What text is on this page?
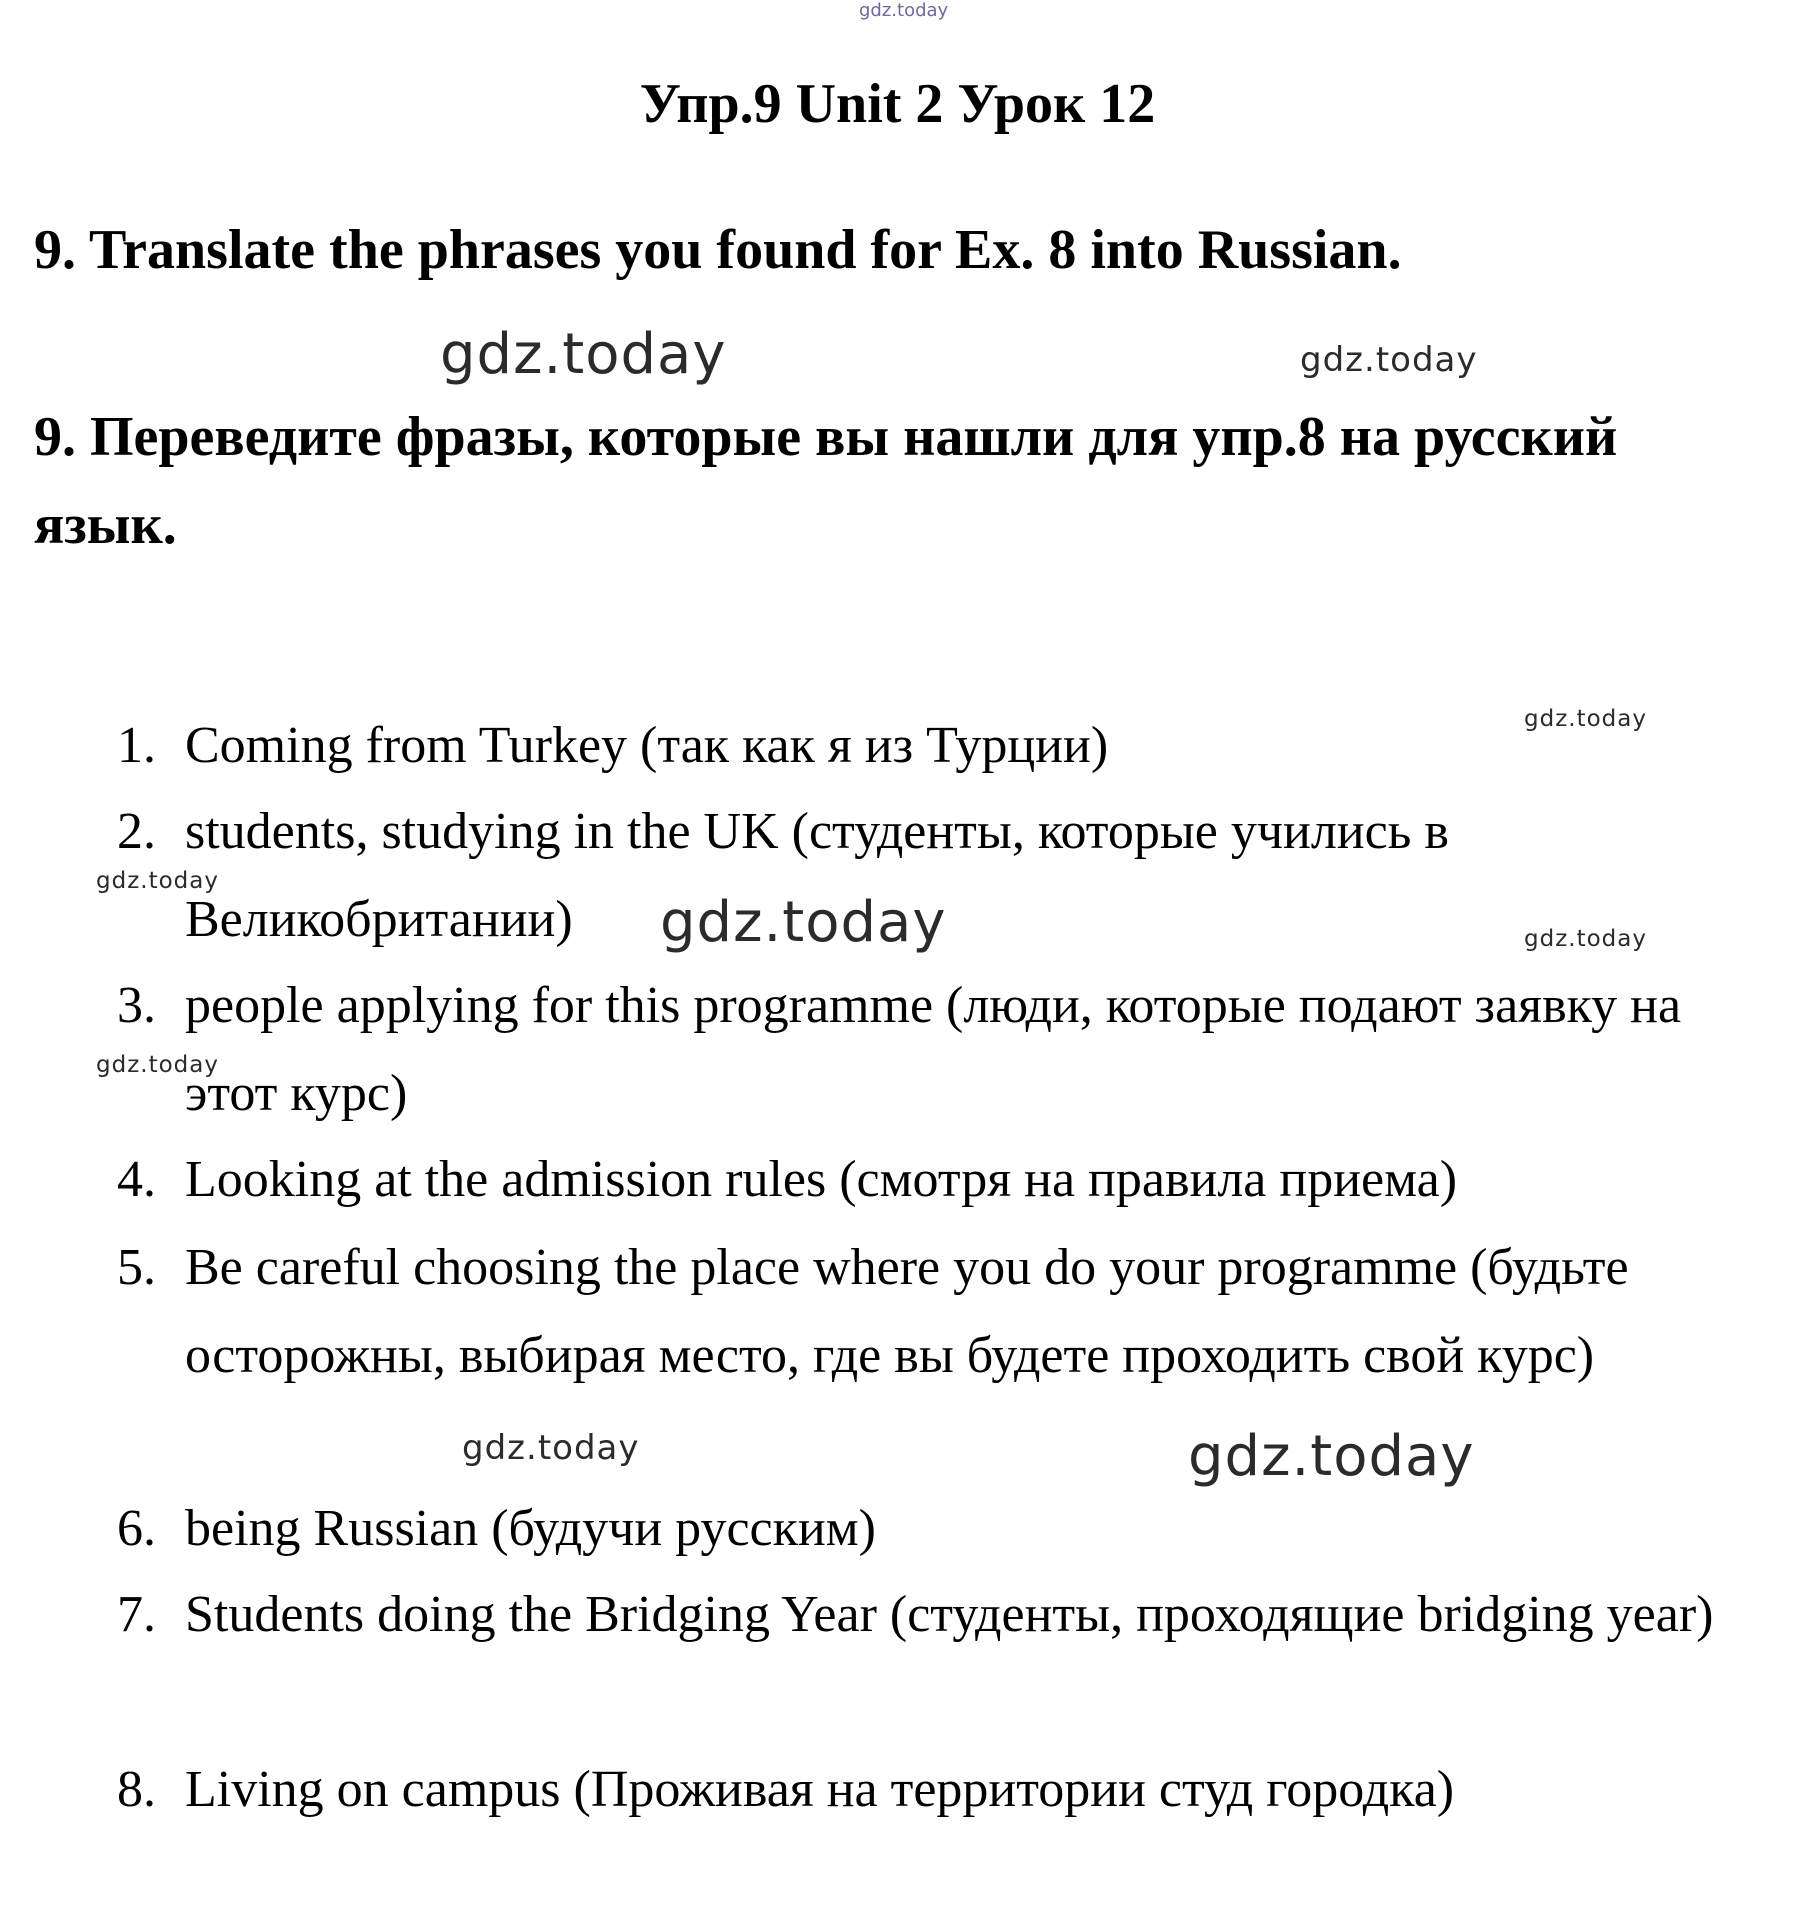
gdz.today
Упр.9 Unit 2 Урок 12

9. Translate the phrases you found for Ex. 8 into Russian.

9. Переведите фразы, которые вы нашли для упр.8 на русский язык.

1. Coming from Turkey (так как я из Турции)
2. students, studying in the UK (студенты, которые учились в Великобритании)
3. people applying for this programme (люди, которые подают заявку на этот курс)
4. Looking at the admission rules (смотря на правила приема)
5. Be careful choosing the place where you do your programme (будьте осторожны, выбирая место, где вы будете проходить свой курс)
6. being Russian (будучи русским)
7. Students doing the Bridging Year (студенты, проходящие bridging year)
8. Living on campus (Проживая на территории студ городка)
gdz.today	gdz.today
gdz.today
gdz.today
gdz.today	gdz.today
gdz.today
gdz.today	gdz.today
